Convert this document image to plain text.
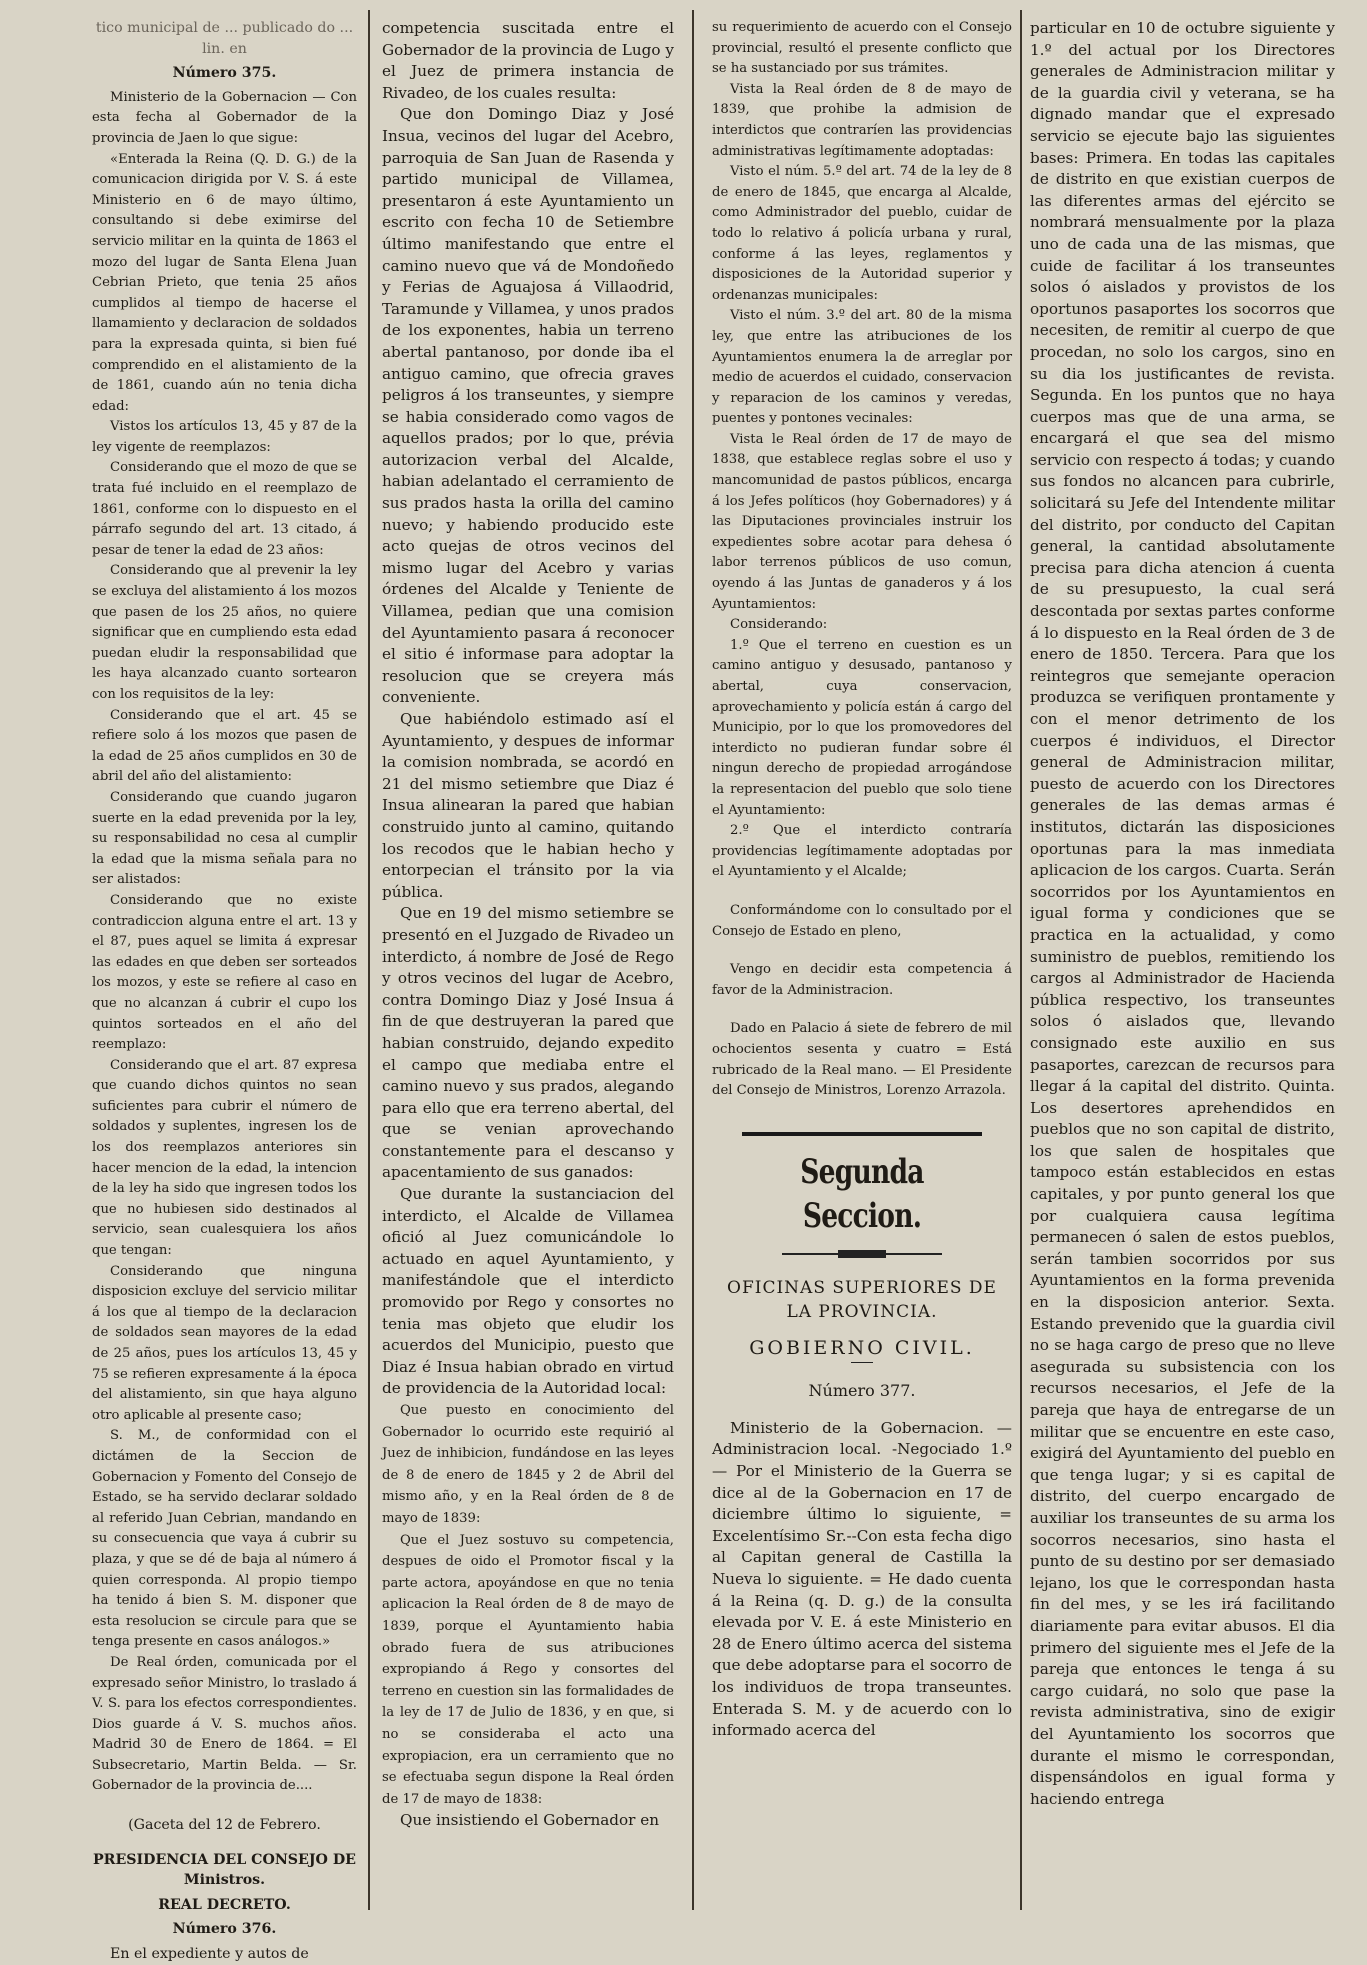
tico municipal de ... publicado do ... lin. en

Número 375.

Ministerio de la Gobernacion — Con esta fecha al Gobernador de la provincia de Jaen lo que sigue:

«Enterada la Reina (Q. D. G.) de la comunicacion dirigida por V. S. á este Ministerio en 6 de mayo último, consultando si debe eximirse del servicio militar en la quinta de 1863 el mozo del lugar de Santa Elena Juan Cebrian Prieto, que tenia 25 años cumplidos al tiempo de hacerse el llamamiento y declaracion de soldados para la expresada quinta, si bien fué comprendido en el alistamiento de la de 1861, cuando aún no tenia dicha edad:

Vistos los artículos 13, 45 y 87 de la ley vigente de reemplazos:

Considerando que el mozo de que se trata fué incluido en el reemplazo de 1861, conforme con lo dispuesto en el párrafo segundo del art. 13 citado, á pesar de tener la edad de 23 años:

Considerando que al prevenir la ley se excluya del alistamiento á los mozos que pasen de los 25 años, no quiere significar que en cumpliendo esta edad puedan eludir la responsabilidad que les haya alcanzado cuanto sortearon con los requisitos de la ley:

Considerando que el art. 45 se refiere solo á los mozos que pasen de la edad de 25 años cumplidos en 30 de abril del año del alistamiento:

Considerando que cuando jugaron suerte en la edad prevenida por la ley, su responsabilidad no cesa al cumplir la edad que la misma señala para no ser alistados:

Considerando que no existe contradiccion alguna entre el art. 13 y el 87, pues aquel se limita á expresar las edades en que deben ser sorteados los mozos, y este se refiere al caso en que no alcanzan á cubrir el cupo los quintos sorteados en el año del reemplazo:

Considerando que el art. 87 expresa que cuando dichos quintos no sean suficientes para cubrir el número de soldados y suplentes, ingresen los de los dos reemplazos anteriores sin hacer mencion de la edad, la intencion de la ley ha sido que ingresen todos los que no hubiesen sido destinados al servicio, sean cualesquiera los años que tengan:

Considerando que ninguna disposicion excluye del servicio militar á los que al tiempo de la declaracion de soldados sean mayores de la edad de 25 años, pues los artículos 13, 45 y 75 se refieren expresamente á la época del alistamiento, sin que haya alguno otro aplicable al presente caso;

S. M., de conformidad con el dictámen de la Seccion de Gobernacion y Fomento del Consejo de Estado, se ha servido declarar soldado al referido Juan Cebrian, mandando en su consecuencia que vaya á cubrir su plaza, y que se dé de baja al número á quien corresponda. Al propio tiempo ha tenido á bien S. M. disponer que esta resolucion se circule para que se tenga presente en casos análogos.»

De Real órden, comunicada por el expresado señor Ministro, lo traslado á V. S. para los efectos correspondientes. Dios guarde á V. S. muchos años. Madrid 30 de Enero de 1864. = El Subsecretario, Martin Belda. — Sr. Gobernador de la provincia de....

(Gaceta del 12 de Febrero.

PRESIDENCIA DEL CONSEJO DE Ministros.

REAL DECRETO.

Número 376.

En el expediente y autos de

competencia suscitada entre el Gobernador de la provincia de Lugo y el Juez de primera instancia de Rivadeo, de los cuales resulta:

Que don Domingo Diaz y José Insua, vecinos del lugar del Acebro, parroquia de San Juan de Rasenda y partido municipal de Villamea, presentaron á este Ayuntamiento un escrito con fecha 10 de Setiembre último manifestando que entre el camino nuevo que vá de Mondoñedo y Ferias de Aguajosa á Villaodrid, Taramunde y Villamea, y unos prados de los exponentes, habia un terreno abertal pantanoso, por donde iba el antiguo camino, que ofrecia graves peligros á los transeuntes, y siempre se habia considerado como vagos de aquellos prados; por lo que, prévia autorizacion verbal del Alcalde, habian adelantado el cerramiento de sus prados hasta la orilla del camino nuevo; y habiendo producido este acto quejas de otros vecinos del mismo lugar del Acebro y varias órdenes del Alcalde y Teniente de Villamea, pedian que una comision del Ayuntamiento pasara á reconocer el sitio é informase para adoptar la resolucion que se creyera más conveniente.

Que habiéndolo estimado así el Ayuntamiento, y despues de informar la comision nombrada, se acordó en 21 del mismo setiembre que Diaz é Insua alinearan la pared que habian construido junto al camino, quitando los recodos que le habian hecho y entorpecian el tránsito por la via pública.

Que en 19 del mismo setiembre se presentó en el Juzgado de Rivadeo un interdicto, á nombre de José de Rego y otros vecinos del lugar de Acebro, contra Domingo Diaz y José Insua á fin de que destruyeran la pared que habian construido, dejando expedito el campo que mediaba entre el camino nuevo y sus prados, alegando para ello que era terreno abertal, del que se venian aprovechando constantemente para el descanso y apacentamiento de sus ganados:

Que durante la sustanciacion del interdicto, el Alcalde de Villamea ofició al Juez comunicándole lo actuado en aquel Ayuntamiento, y manifestándole que el interdicto promovido por Rego y consortes no tenia mas objeto que eludir los acuerdos del Municipio, puesto que Diaz é Insua habian obrado en virtud de providencia de la Autoridad local:

Que puesto en conocimiento del Gobernador lo ocurrido este requirió al Juez de inhibicion, fundándose en las leyes de 8 de enero de 1845 y 2 de Abril del mismo año, y en la Real órden de 8 de mayo de 1839:

Que el Juez sostuvo su competencia, despues de oido el Promotor fiscal y la parte actora, apoyándose en que no tenia aplicacion la Real órden de 8 de mayo de 1839, porque el Ayuntamiento habia obrado fuera de sus atribuciones expropiando á Rego y consortes del terreno en cuestion sin las formalidades de la ley de 17 de Julio de 1836, y en que, si no se consideraba el acto una expropiacion, era un cerramiento que no se efectuaba segun dispone la Real órden de 17 de mayo de 1838:

Que insistiendo el Gobernador en

su requerimiento de acuerdo con el Consejo provincial, resultó el presente conflicto que se ha sustanciado por sus trámites.

Vista la Real órden de 8 de mayo de 1839, que prohibe la admision de interdictos que contraríen las providencias administrativas legítimamente adoptadas:

Visto el núm. 5.º del art. 74 de la ley de 8 de enero de 1845, que encarga al Alcalde, como Administrador del pueblo, cuidar de todo lo relativo á policía urbana y rural, conforme á las leyes, reglamentos y disposiciones de la Autoridad superior y ordenanzas municipales:

Visto el núm. 3.º del art. 80 de la misma ley, que entre las atribuciones de los Ayuntamientos enumera la de arreglar por medio de acuerdos el cuidado, conservacion y reparacion de los caminos y veredas, puentes y pontones vecinales:

Vista le Real órden de 17 de mayo de 1838, que establece reglas sobre el uso y mancomunidad de pastos públicos, encarga á los Jefes políticos (hoy Gobernadores) y á las Diputaciones provinciales instruir los expedientes sobre acotar para dehesa ó labor terrenos públicos de uso comun, oyendo á las Juntas de ganaderos y á los Ayuntamientos:

Considerando:

1.º Que el terreno en cuestion es un camino antiguo y desusado, pantanoso y abertal, cuya conservacion, aprovechamiento y policía están á cargo del Municipio, por lo que los promovedores del interdicto no pudieran fundar sobre él ningun derecho de propiedad arrogándose la representacion del pueblo que solo tiene el Ayuntamiento:

2.º Que el interdicto contraría providencias legítimamente adoptadas por el Ayuntamiento y el Alcalde;

Conformándome con lo consultado por el Consejo de Estado en pleno,

Vengo en decidir esta competencia á favor de la Administracion.

Dado en Palacio á siete de febrero de mil ochocientos sesenta y cuatro = Está rubricado de la Real mano. — El Presidente del Consejo de Ministros, Lorenzo Arrazola.

Segunda Seccion.

OFICINAS SUPERIORES DE LA PROVINCIA.

GOBIERNO CIVIL.

Número 377.

Ministerio de la Gobernacion. — Administracion local. -Negociado 1.º — Por el Ministerio de la Guerra se dice al de la Gobernacion en 17 de diciembre último lo siguiente, = Excelentísimo Sr.--Con esta fecha digo al Capitan general de Castilla la Nueva lo siguiente. = He dado cuenta á la Reina (q. D. g.) de la consulta elevada por V. E. á este Ministerio en 28 de Enero último acerca del sistema que debe adoptarse para el socorro de los individuos de tropa transeuntes. Enterada S. M. y de acuerdo con lo informado acerca del

particular en 10 de octubre siguiente y 1.º del actual por los Directores generales de Administracion militar y de la guardia civil y veterana, se ha dignado mandar que el expresado servicio se ejecute bajo las siguientes bases: Primera. En todas las capitales de distrito en que existian cuerpos de las diferentes armas del ejército se nombrará mensualmente por la plaza uno de cada una de las mismas, que cuide de facilitar á los transeuntes solos ó aislados y provistos de los oportunos pasaportes los socorros que necesiten, de remitir al cuerpo de que procedan, no solo los cargos, sino en su dia los justificantes de revista. Segunda. En los puntos que no haya cuerpos mas que de una arma, se encargará el que sea del mismo servicio con respecto á todas; y cuando sus fondos no alcancen para cubrirle, solicitará su Jefe del Intendente militar del distrito, por conducto del Capitan general, la cantidad absolutamente precisa para dicha atencion á cuenta de su presupuesto, la cual será descontada por sextas partes conforme á lo dispuesto en la Real órden de 3 de enero de 1850. Tercera. Para que los reintegros que semejante operacion produzca se verifiquen prontamente y con el menor detrimento de los cuerpos é individuos, el Director general de Administracion militar, puesto de acuerdo con los Directores generales de las demas armas é institutos, dictarán las disposiciones oportunas para la mas inmediata aplicacion de los cargos. Cuarta. Serán socorridos por los Ayuntamientos en igual forma y condiciones que se practica en la actualidad, y como suministro de pueblos, remitiendo los cargos al Administrador de Hacienda pública respectivo, los transeuntes solos ó aislados que, llevando consignado este auxilio en sus pasaportes, carezcan de recursos para llegar á la capital del distrito. Quinta. Los desertores aprehendidos en pueblos que no son capital de distrito, los que salen de hospitales que tampoco están establecidos en estas capitales, y por punto general los que por cualquiera causa legítima permanecen ó salen de estos pueblos, serán tambien socorridos por sus Ayuntamientos en la forma prevenida en la disposicion anterior. Sexta. Estando prevenido que la guardia civil no se haga cargo de preso que no lleve asegurada su subsistencia con los recursos necesarios, el Jefe de la pareja que haya de entregarse de un militar que se encuentre en este caso, exigirá del Ayuntamiento del pueblo en que tenga lugar; y si es capital de distrito, del cuerpo encargado de auxiliar los transeuntes de su arma los socorros necesarios, sino hasta el punto de su destino por ser demasiado lejano, los que le correspondan hasta fin del mes, y se les irá facilitando diariamente para evitar abusos. El dia primero del siguiente mes el Jefe de la pareja que entonces le tenga á su cargo cuidará, no solo que pase la revista administrativa, sino de exigir del Ayuntamiento los socorros que durante el mismo le correspondan, dispensándolos en igual forma y haciendo entrega
